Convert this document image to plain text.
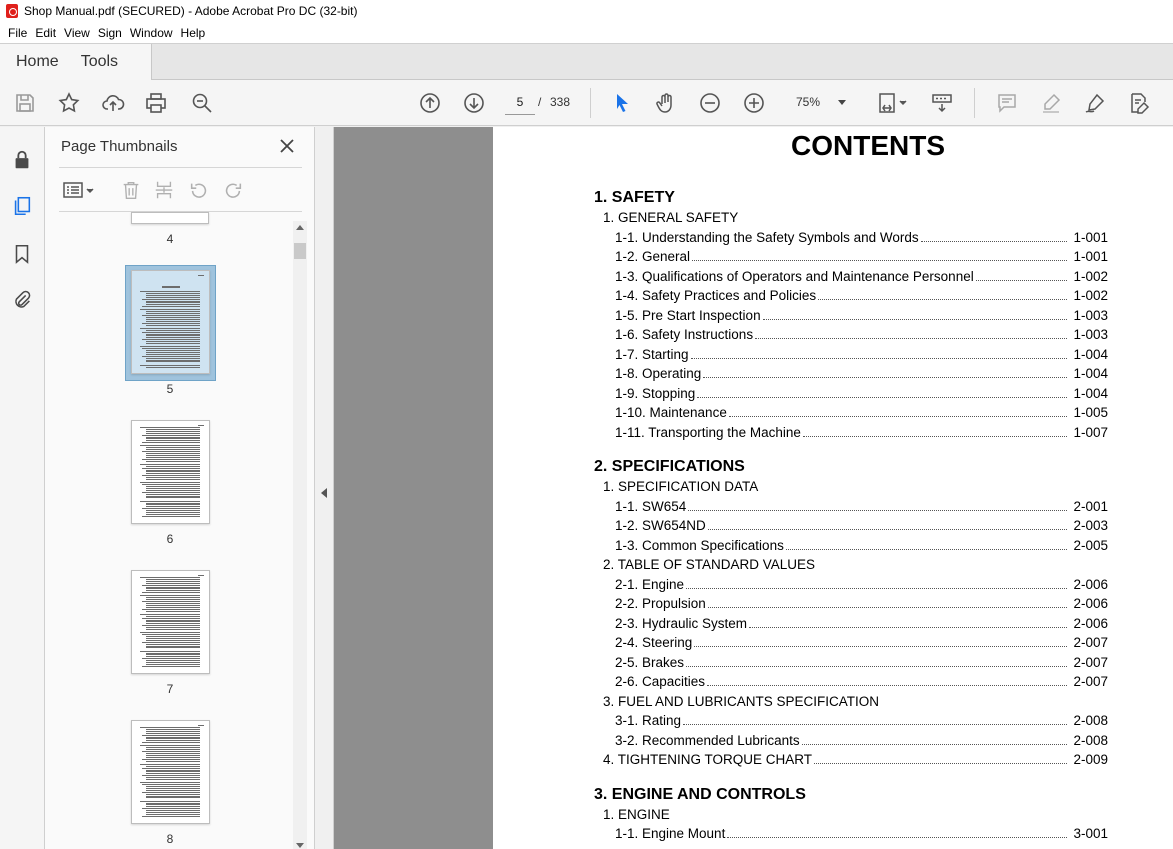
Shop Manual.pdf (SECURED) - Adobe Acrobat Pro DC (32-bit)
File Edit View Sign Window Help
Home	Tools
5	/ 338	75%
Page Thumbnails
4
5
6
7
8
CONTENTS
1. SAFETY
1. GENERAL SAFETY
1-1. Understanding the Safety Symbols and Words	1-001
1-2. General	1-001
1-3. Qualifications of Operators and Maintenance Personnel	1-002
1-4. Safety Practices and Policies	1-002
1-5. Pre Start Inspection	1-003
1-6. Safety Instructions	1-003
1-7. Starting	1-004
1-8. Operating	1-004
1-9. Stopping	1-004
1-10. Maintenance	1-005
1-11. Transporting the Machine	1-007
2. SPECIFICATIONS
1. SPECIFICATION DATA
1-1. SW654	2-001
1-2. SW654ND	2-003
1-3. Common Specifications	2-005
2. TABLE OF STANDARD VALUES
2-1. Engine	2-006
2-2. Propulsion	2-006
2-3. Hydraulic System	2-006
2-4. Steering	2-007
2-5. Brakes	2-007
2-6. Capacities	2-007
3. FUEL AND LUBRICANTS SPECIFICATION
3-1. Rating	2-008
3-2. Recommended Lubricants	2-008
4. TIGHTENING TORQUE CHART	2-009
3. ENGINE AND CONTROLS
1. ENGINE
1-1. Engine Mount	3-001
